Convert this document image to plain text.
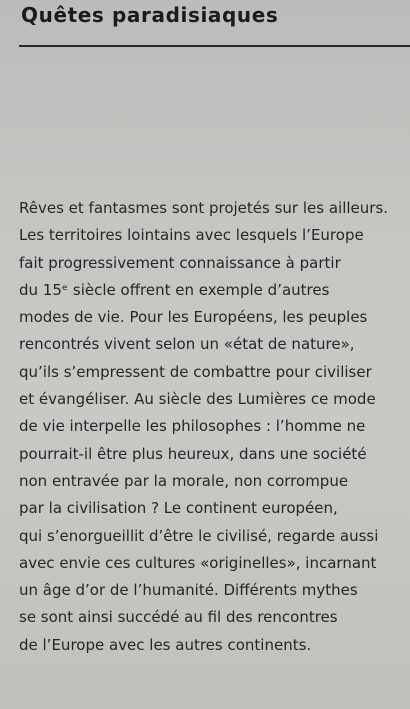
Quêtes paradisiaques
Rêves et fantasmes sont projetés sur les ailleurs.
Les territoires lointains avec lesquels l’Europe
fait progressivement connaissance à partir
du 15ᵉ siècle offrent en exemple d’autres
modes de vie. Pour les Européens, les peuples
rencontrés vivent selon un «état de nature»,
qu’ils s’empressent de combattre pour civiliser
et évangéliser. Au siècle des Lumières ce mode
de vie interpelle les philosophes : l’homme ne
pourrait-il être plus heureux, dans une société
non entravée par la morale, non corrompue
par la civilisation ? Le continent européen,
qui s’enorgueillit d’être le civilisé, regarde aussi
avec envie ces cultures «originelles», incarnant
un âge d’or de l’humanité. Différents mythes
se sont ainsi succédé au fil des rencontres
de l’Europe avec les autres continents.
